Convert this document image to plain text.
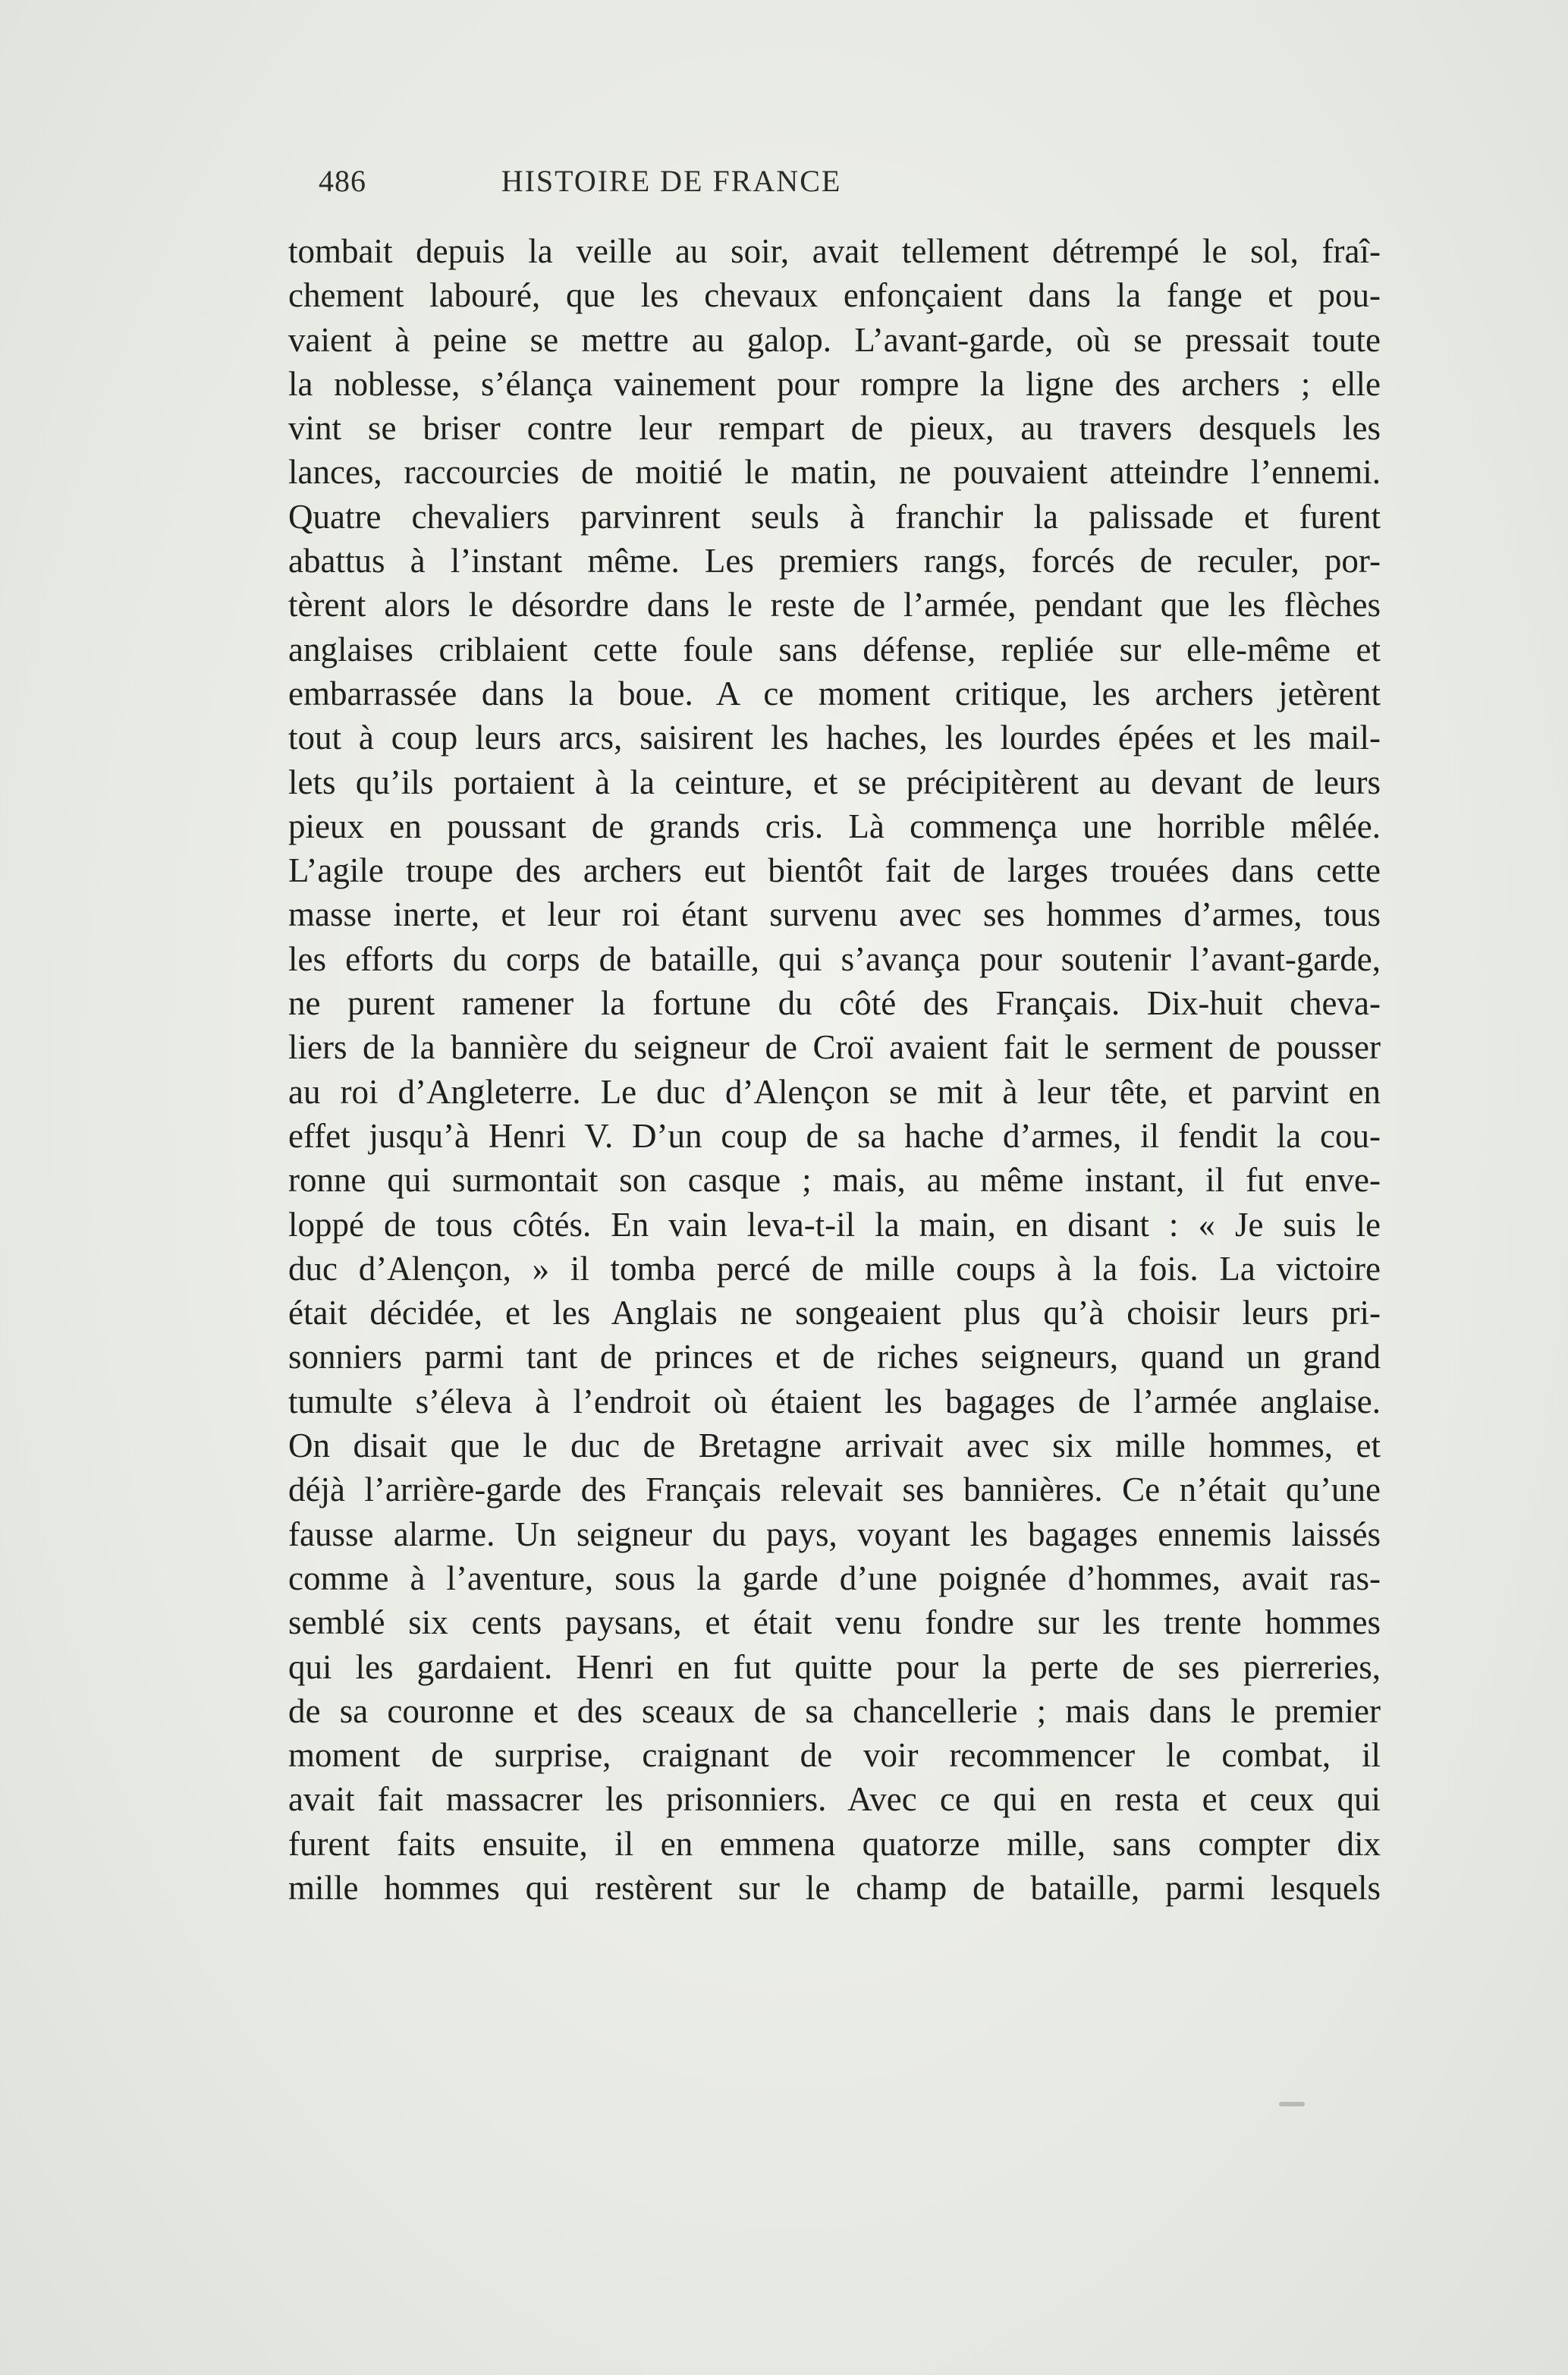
486	HISTOIRE DE FRANCE
tombait depuis la veille au soir, avait tellement détrempé le sol, fraî-
chement labouré, que les chevaux enfonçaient dans la fange et pou-
vaient à peine se mettre au galop. L’avant-garde, où se pressait toute
la noblesse, s’élança vainement pour rompre la ligne des archers ; elle
vint se briser contre leur rempart de pieux, au travers desquels les
lances, raccourcies de moitié le matin, ne pouvaient atteindre l’ennemi.
Quatre chevaliers parvinrent seuls à franchir la palissade et furent
abattus à l’instant même. Les premiers rangs, forcés de reculer, por-
tèrent alors le désordre dans le reste de l’armée, pendant que les flèches
anglaises criblaient cette foule sans défense, repliée sur elle-même et
embarrassée dans la boue. A ce moment critique, les archers jetèrent
tout à coup leurs arcs, saisirent les haches, les lourdes épées et les mail-
lets qu’ils portaient à la ceinture, et se précipitèrent au devant de leurs
pieux en poussant de grands cris. Là commença une horrible mêlée.
L’agile troupe des archers eut bientôt fait de larges trouées dans cette
masse inerte, et leur roi étant survenu avec ses hommes d’armes, tous
les efforts du corps de bataille, qui s’avança pour soutenir l’avant-garde,
ne purent ramener la fortune du côté des Français. Dix-huit cheva-
liers de la bannière du seigneur de Croï avaient fait le serment de pousser
au roi d’Angleterre. Le duc d’Alençon se mit à leur tête, et parvint en
effet jusqu’à Henri V. D’un coup de sa hache d’armes, il fendit la cou-
ronne qui surmontait son casque ; mais, au même instant, il fut enve-
loppé de tous côtés. En vain leva-t-il la main, en disant : « Je suis le
duc d’Alençon, » il tomba percé de mille coups à la fois. La victoire
était décidée, et les Anglais ne songeaient plus qu’à choisir leurs pri-
sonniers parmi tant de princes et de riches seigneurs, quand un grand
tumulte s’éleva à l’endroit où étaient les bagages de l’armée anglaise.
On disait que le duc de Bretagne arrivait avec six mille hommes, et
déjà l’arrière-garde des Français relevait ses bannières. Ce n’était qu’une
fausse alarme. Un seigneur du pays, voyant les bagages ennemis laissés
comme à l’aventure, sous la garde d’une poignée d’hommes, avait ras-
semblé six cents paysans, et était venu fondre sur les trente hommes
qui les gardaient. Henri en fut quitte pour la perte de ses pierreries,
de sa couronne et des sceaux de sa chancellerie ; mais dans le premier
moment de surprise, craignant de voir recommencer le combat, il
avait fait massacrer les prisonniers. Avec ce qui en resta et ceux qui
furent faits ensuite, il en emmena quatorze mille, sans compter dix
mille hommes qui restèrent sur le champ de bataille, parmi lesquels
